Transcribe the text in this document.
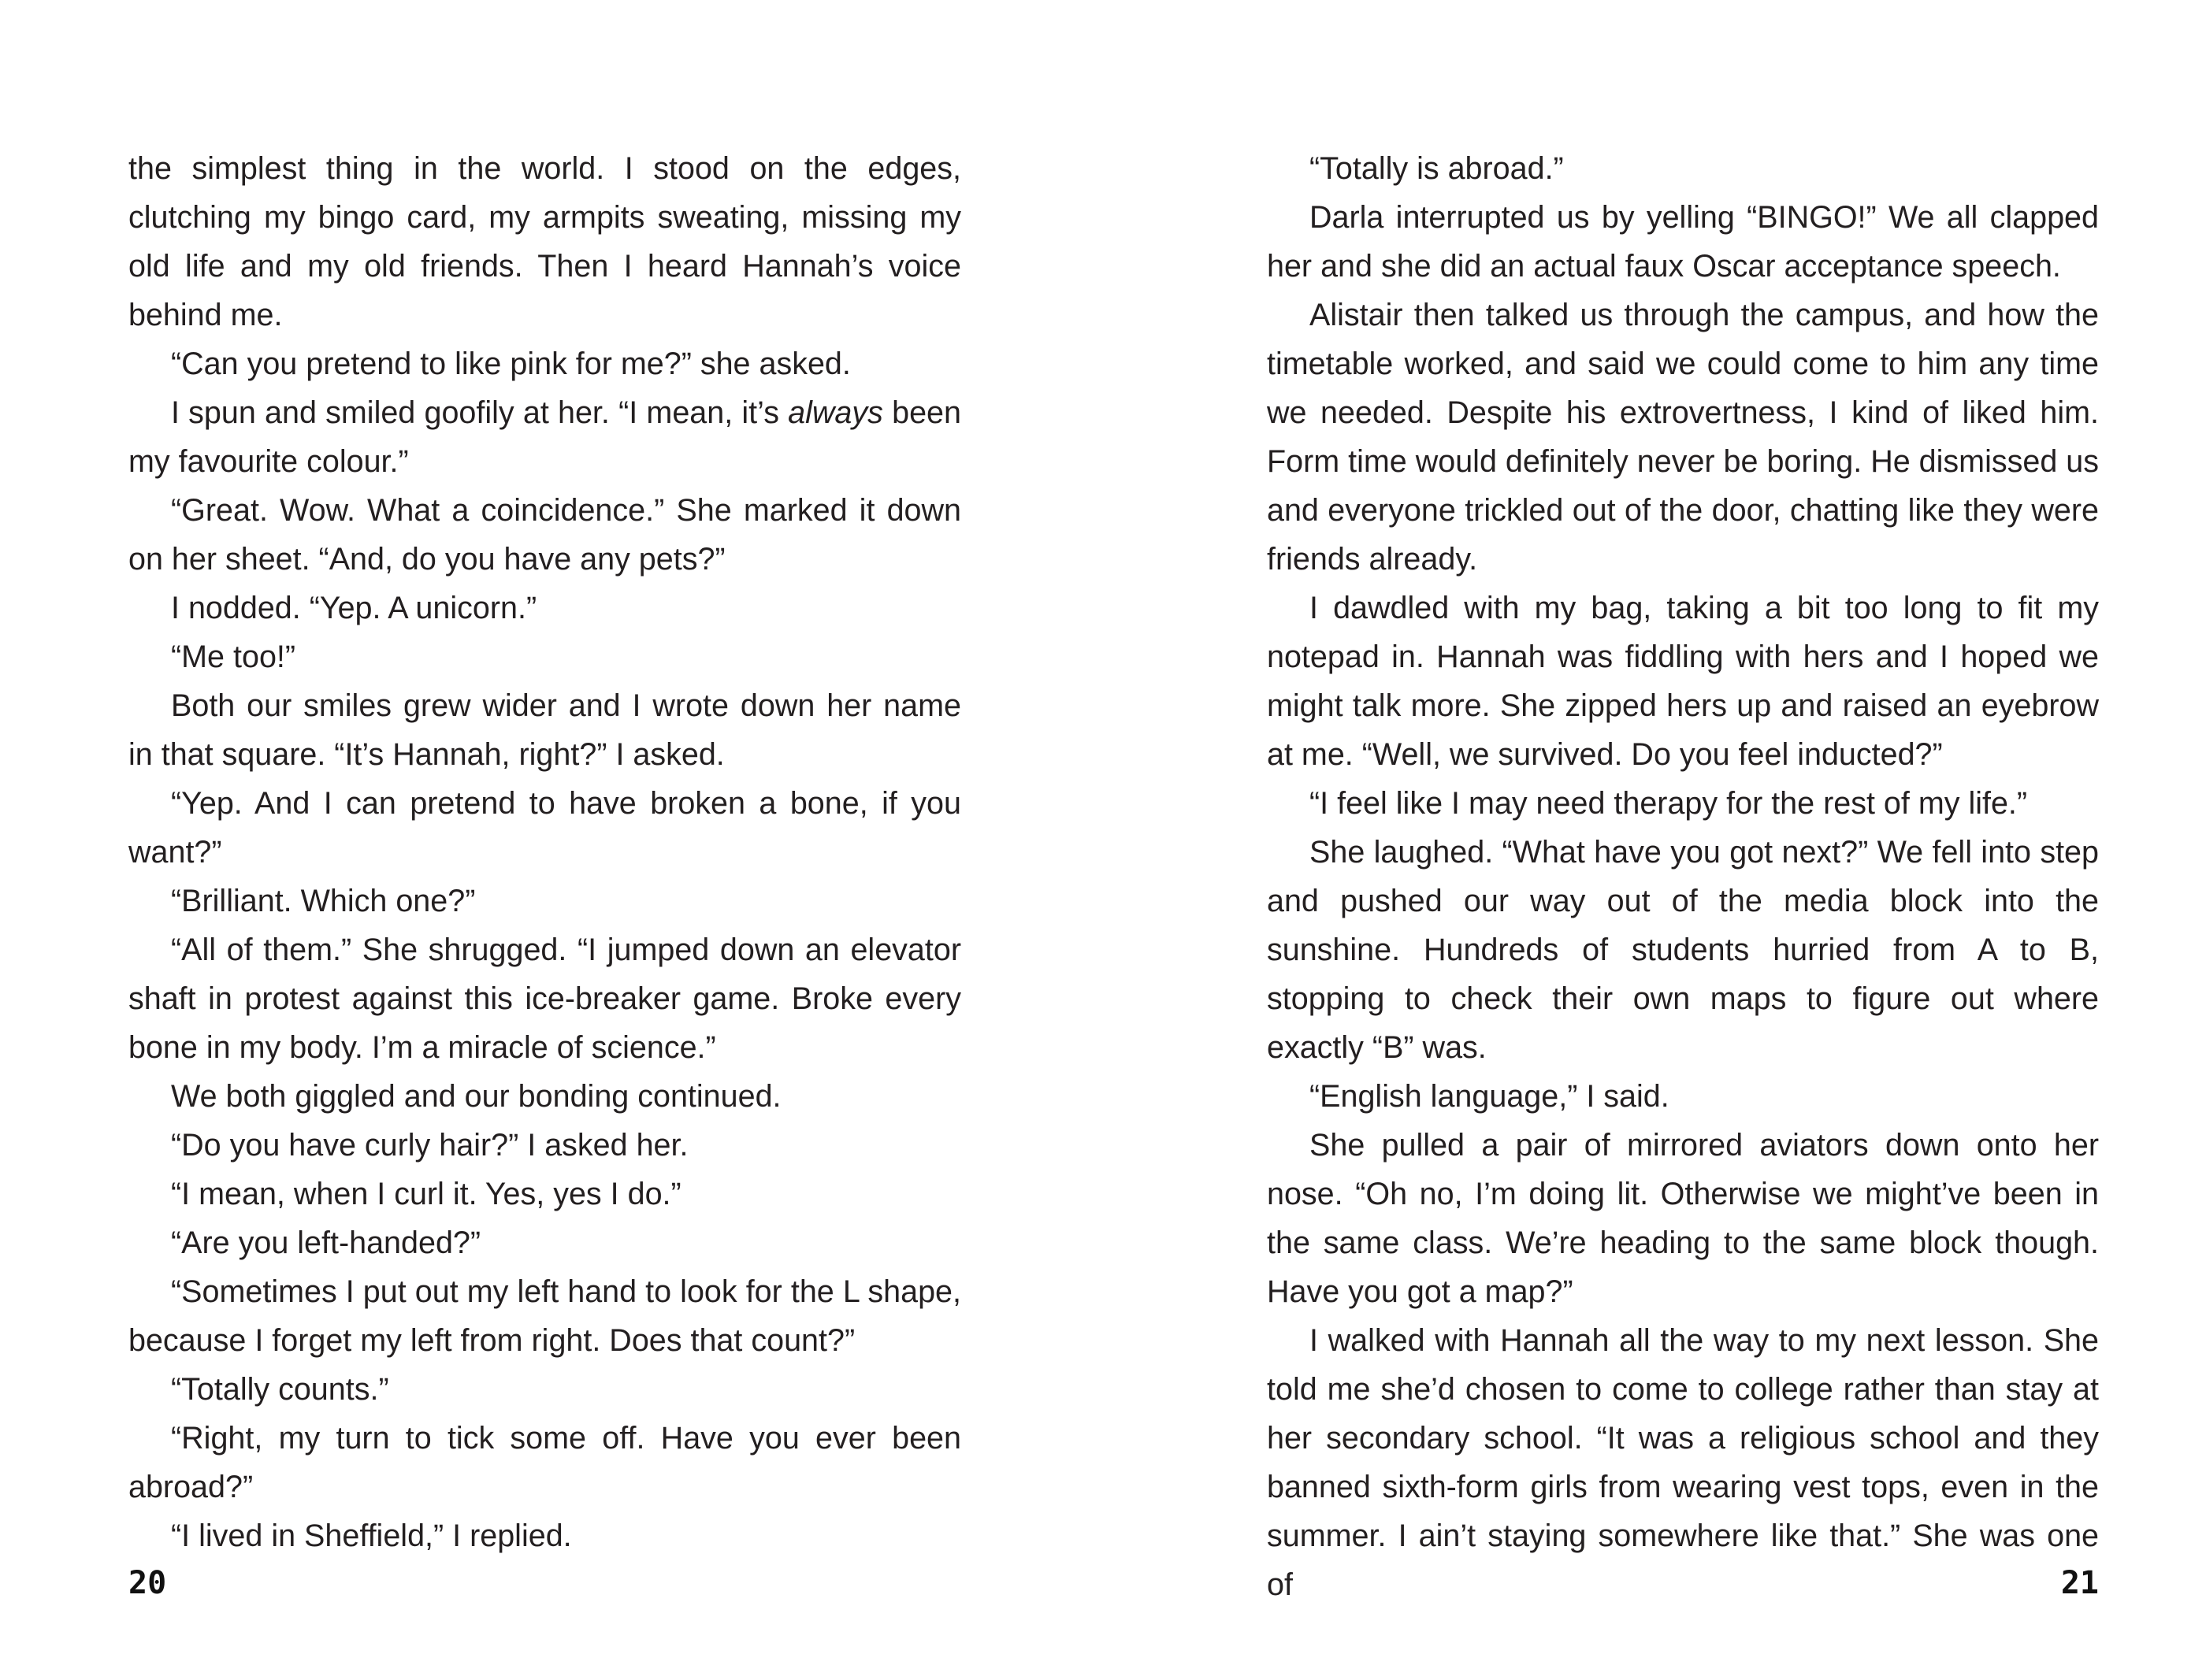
the simplest thing in the world. I stood on the edges, clutching my bingo card, my armpits sweating, missing my old life and my old friends. Then I heard Hannah’s voice behind me.

“Can you pretend to like pink for me?” she asked.

I spun and smiled goofily at her. “I mean, it’s always been my favourite colour.”

“Great. Wow. What a coincidence.” She marked it down on her sheet. “And, do you have any pets?”

I nodded. “Yep. A unicorn.”

“Me too!”

Both our smiles grew wider and I wrote down her name in that square. “It’s Hannah, right?” I asked.

“Yep. And I can pretend to have broken a bone, if you want?”

“Brilliant. Which one?”

“All of them.” She shrugged. “I jumped down an elevator shaft in protest against this ice-breaker game. Broke every bone in my body. I’m a miracle of science.”

We both giggled and our bonding continued.

“Do you have curly hair?” I asked her.

“I mean, when I curl it. Yes, yes I do.”

“Are you left-handed?”

“Sometimes I put out my left hand to look for the L shape, because I forget my left from right. Does that count?”

“Totally counts.”

“Right, my turn to tick some off. Have you ever been abroad?”

“I lived in Sheffield,” I replied.

20

“Totally is abroad.”

Darla interrupted us by yelling “BINGO!” We all clapped her and she did an actual faux Oscar acceptance speech.

Alistair then talked us through the campus, and how the timetable worked, and said we could come to him any time we needed. Despite his extrovertness, I kind of liked him. Form time would definitely never be boring. He dismissed us and everyone trickled out of the door, chatting like they were friends already.

I dawdled with my bag, taking a bit too long to fit my notepad in. Hannah was fiddling with hers and I hoped we might talk more. She zipped hers up and raised an eyebrow at me. “Well, we survived. Do you feel inducted?”

“I feel like I may need therapy for the rest of my life.”

She laughed. “What have you got next?” We fell into step and pushed our way out of the media block into the sunshine. Hundreds of students hurried from A to B, stopping to check their own maps to figure out where exactly “B” was.

“English language,” I said.

She pulled a pair of mirrored aviators down onto her nose. “Oh no, I’m doing lit. Otherwise we might’ve been in the same class. We’re heading to the same block though. Have you got a map?”

I walked with Hannah all the way to my next lesson. She told me she’d chosen to come to college rather than stay at her secondary school. “It was a religious school and they banned sixth-form girls from wearing vest tops, even in the summer. I ain’t staying somewhere like that.” She was one of	21
